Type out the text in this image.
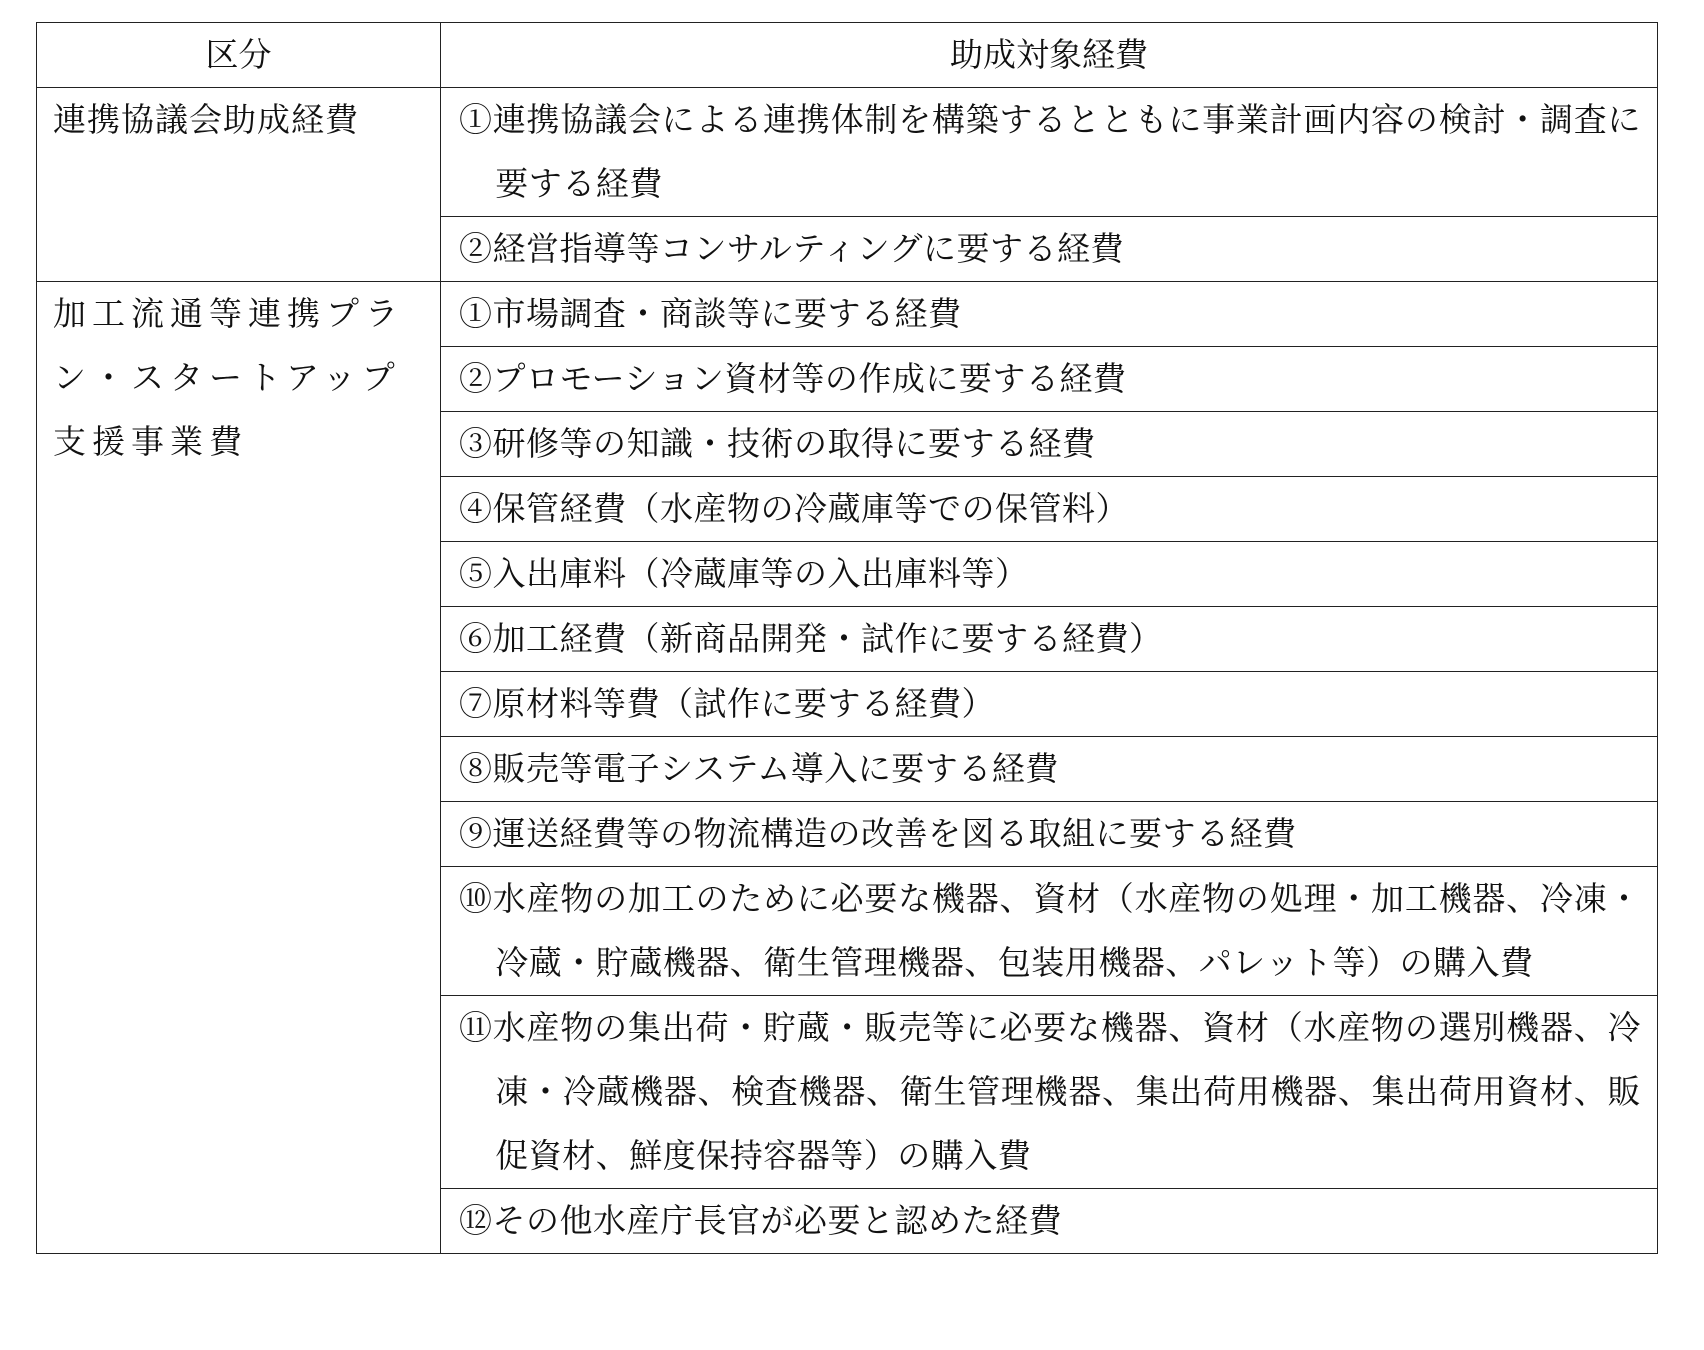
区分	助成対象経費
連携協議会助成経費	①連携協議会による連携体制を構築するとともに事業計画内容の検討・調査に要する経費

	②経営指導等コンサルティングに要する経費

加工流通等連携プラン・スタートアップ支援事業費	①市場調査・商談等に要する経費

	②プロモーション資材等の作成に要する経費

	③研修等の知識・技術の取得に要する経費

	④保管経費（水産物の冷蔵庫等での保管料）

	⑤入出庫料（冷蔵庫等の入出庫料等）

	⑥加工経費（新商品開発・試作に要する経費）

	⑦原材料等費（試作に要する経費）

	⑧販売等電子システム導入に要する経費

	⑨運送経費等の物流構造の改善を図る取組に要する経費

	⑩水産物の加工のために必要な機器、資材（水産物の処理・加工機器、冷凍・冷蔵・貯蔵機器、衛生管理機器、包装用機器、パレット等）の購入費

	⑪水産物の集出荷・貯蔵・販売等に必要な機器、資材（水産物の選別機器、冷凍・冷蔵機器、検査機器、衛生管理機器、集出荷用機器、集出荷用資材、販促資材、鮮度保持容器等）の購入費

	⑫その他水産庁長官が必要と認めた経費
